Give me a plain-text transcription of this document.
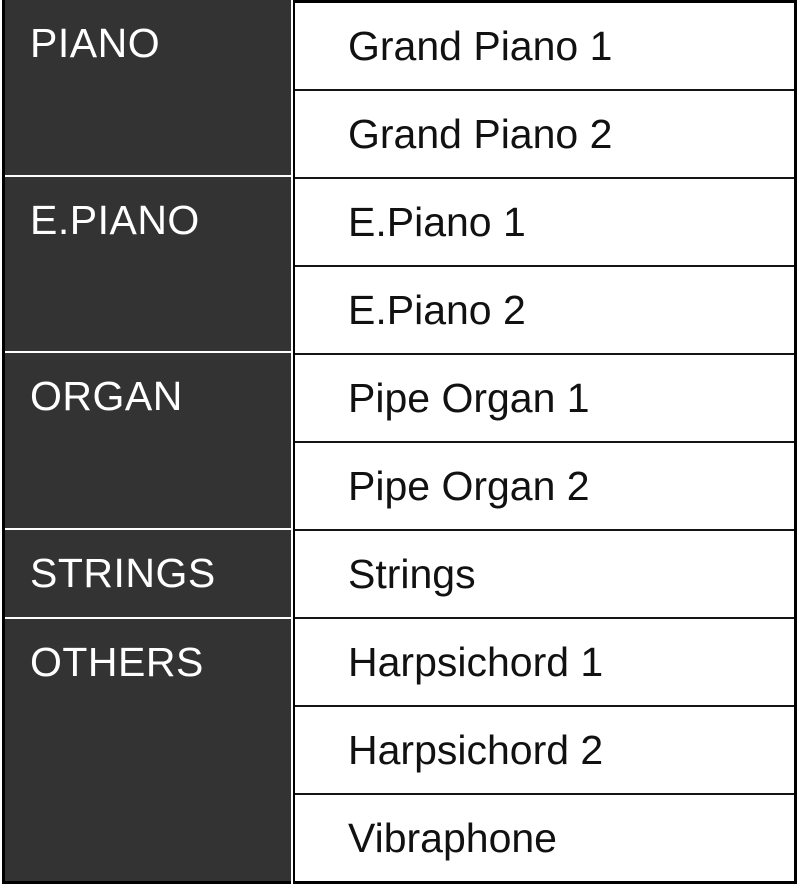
PIANO
E.PIANO
ORGAN
STRINGS
OTHERS
Grand Piano 1
Grand Piano 2
E.Piano 1
E.Piano 2
Pipe Organ 1
Pipe Organ 2
Strings
Harpsichord 1
Harpsichord 2
Vibraphone
